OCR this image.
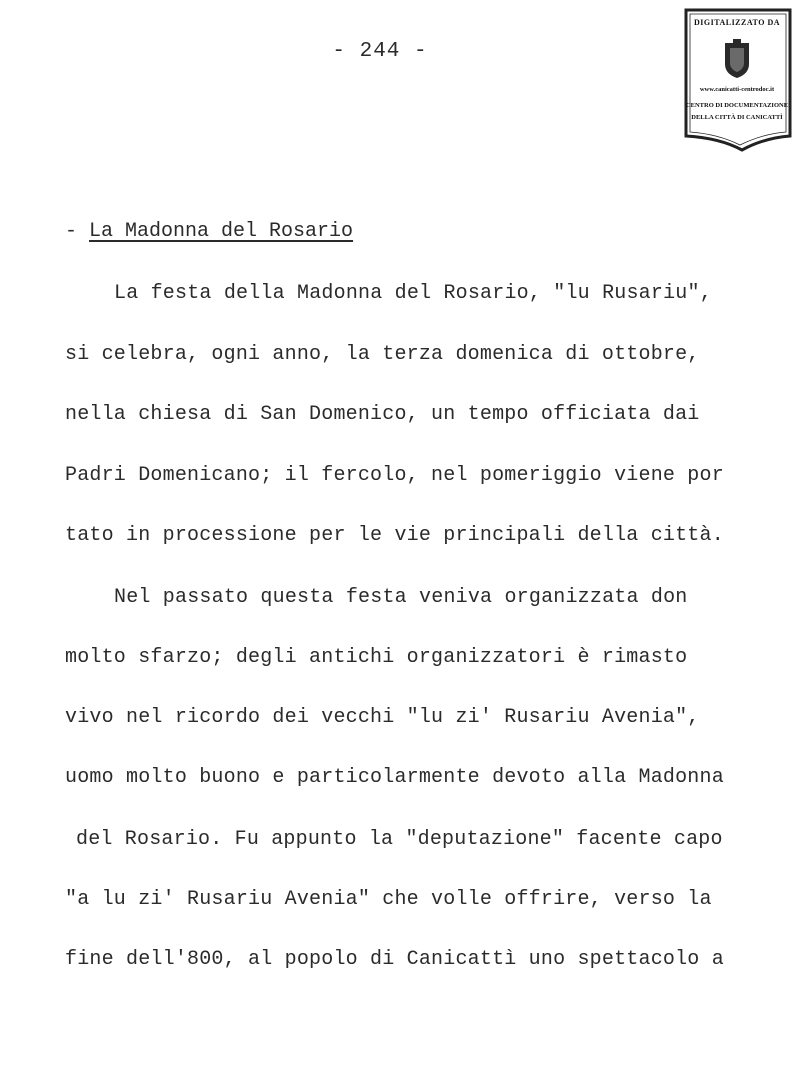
- 244 -
DIGITALIZZATO DA
www.canicatti-centrodoc.it
CENTRO DI DOCUMENTAZIONE
DELLA CITTÀ DI CANICATTÌ
- La Madonna del Rosario
La festa della Madonna del Rosario, "lu Rusariu",
si celebra, ogni anno, la terza domenica di ottobre,
nella chiesa di San Domenico, un tempo officiata dai
Padri Domenicano; il fercolo, nel pomeriggio viene por
tato in processione per le vie principali della città.
Nel passato questa festa veniva organizzata don
molto sfarzo; degli antichi organizzatori è rimasto
vivo nel ricordo dei vecchi "lu zi' Rusariu Avenia",
uomo molto buono e particolarmente devoto alla Madonna
del Rosario. Fu appunto la "deputazione" facente capo
"a lu zi' Rusariu Avenia" che volle offrire, verso la
fine dell'800, al popolo di Canicattì uno spettacolo a
